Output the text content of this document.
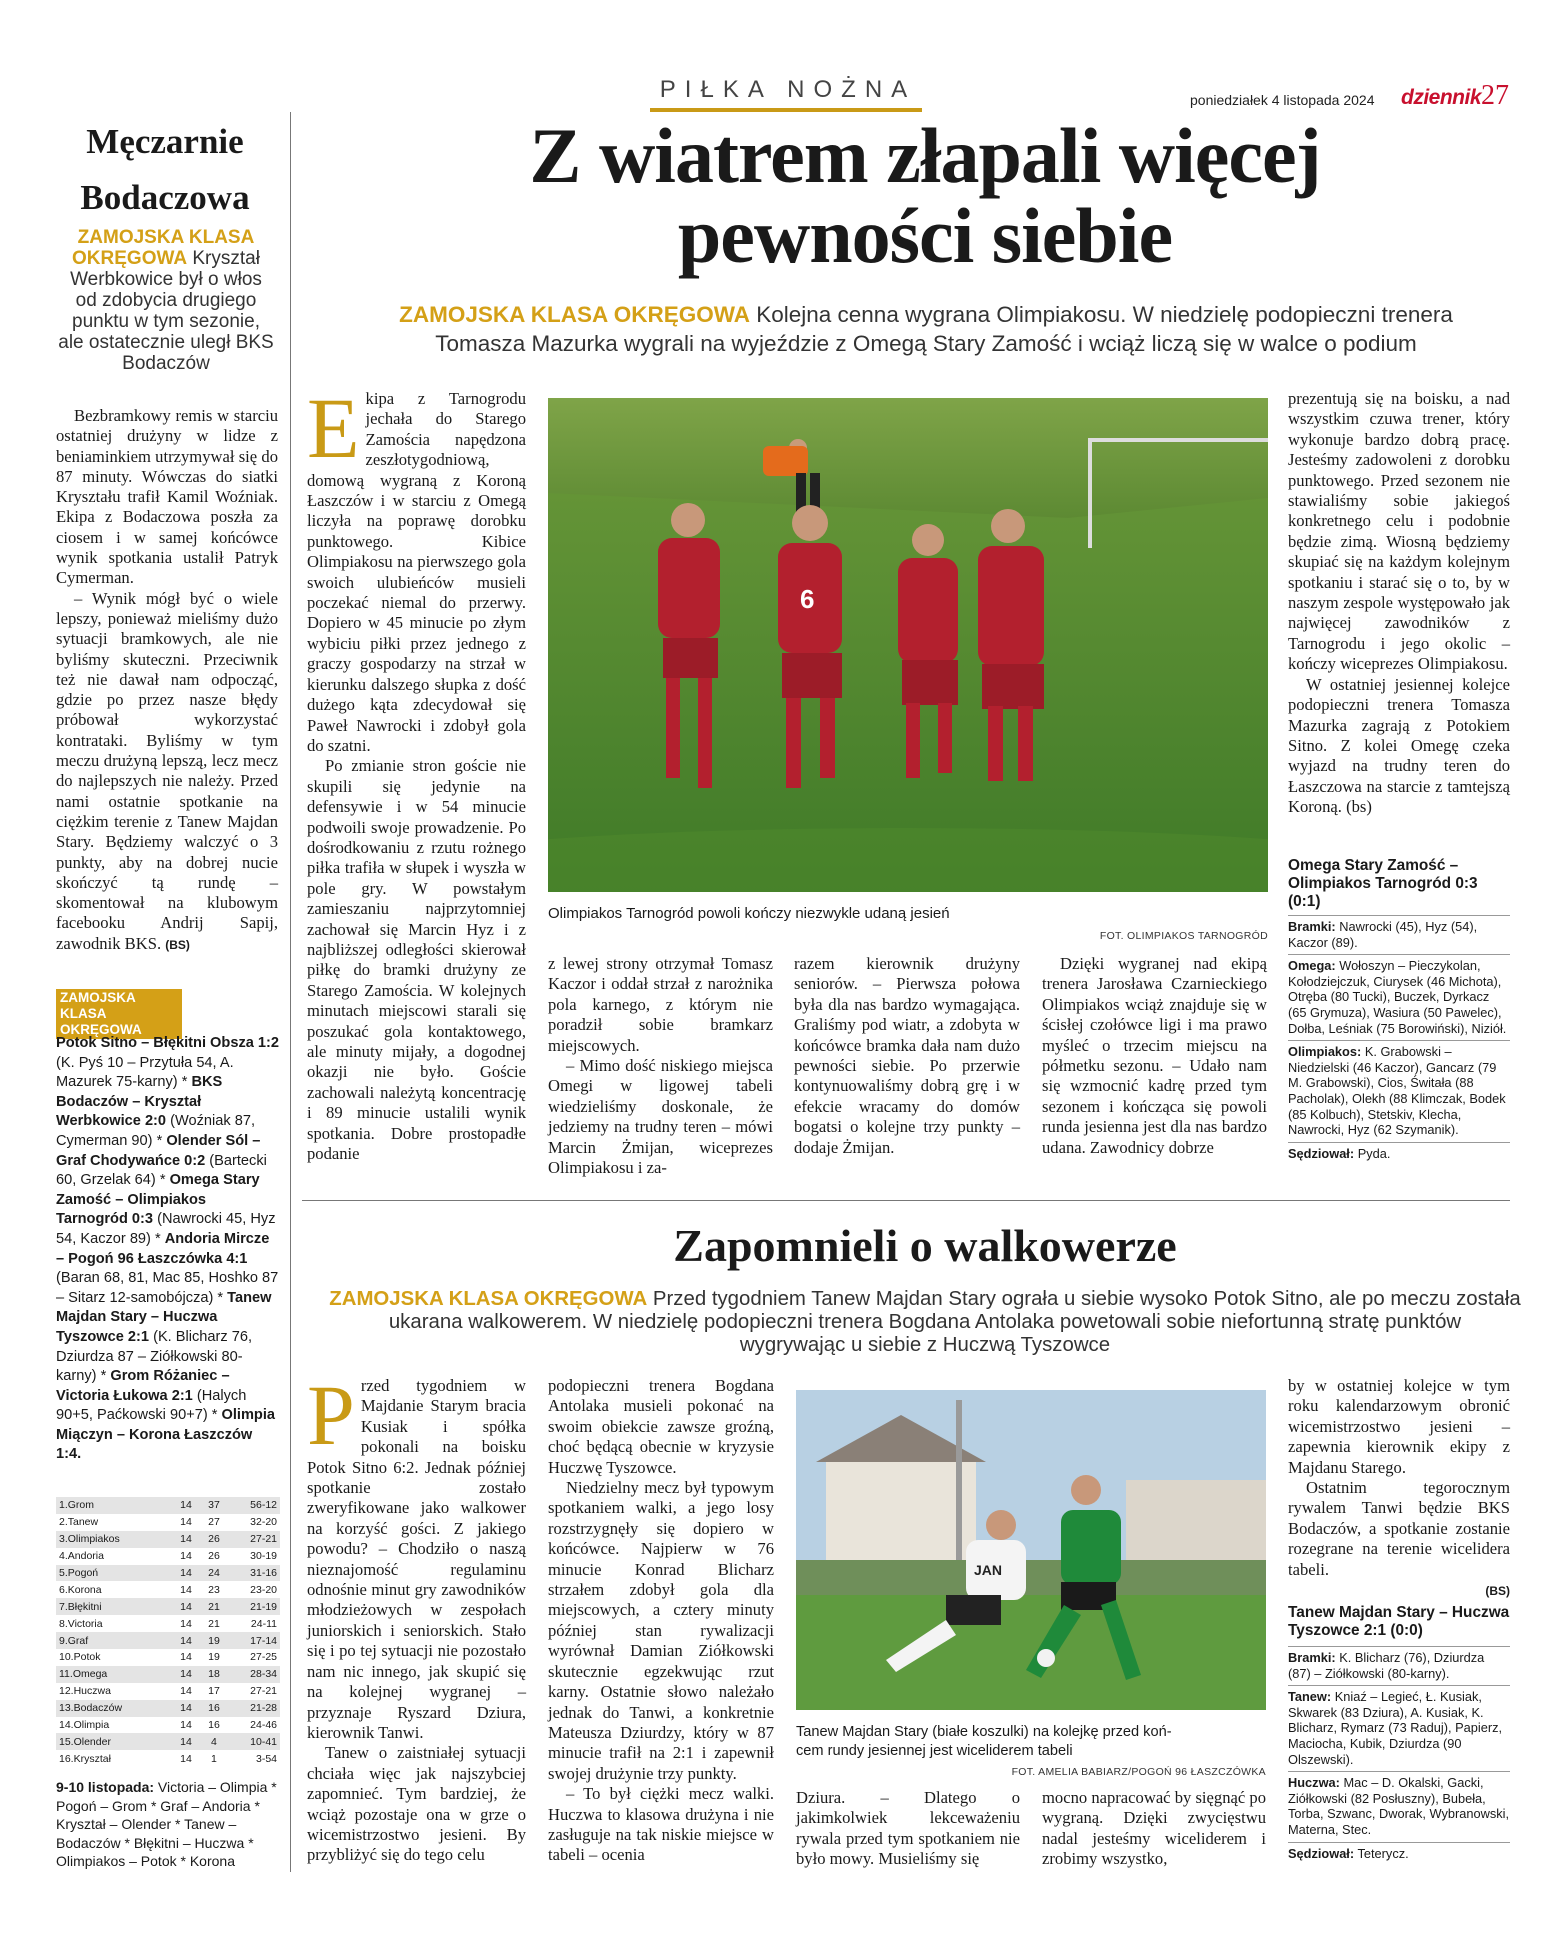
PIŁKA NOŻNA	poniedziałek 4 listopada 2024 dziennik 27
Męczarnie
Bodaczowa
ZAMOJSKA KLASA OKRĘGOWA Kryształ Werbkowice był o włos od zdobycia drugiego punktu w tym sezonie, ale ostatecznie uległ BKS Bodaczów

Bezbramkowy remis w starciu ostatniej drużyny w lidze z beniaminkiem utrzymywał się do 87 minuty. Wówczas do siatki Kryształu trafił Kamil Woźniak. Ekipa z Bodaczowa poszła za ciosem i w samej końcówce wynik spotkania ustalił Patryk Cymerman.

– Wynik mógł być o wiele lepszy, ponieważ mieliśmy dużo sytuacji bramkowych, ale nie byliśmy skuteczni. Przeciwnik też nie dawał nam odpocząć, gdzie po przez nasze błędy próbował wykorzystać kontrataki. Byliśmy w tym meczu drużyną lepszą, lecz mecz do najlepszych nie należy. Przed nami ostatnie spotkanie na ciężkim terenie z Tanew Majdan Stary. Będziemy walczyć o 3 punkty, aby na dobrej nucie skończyć tą rundę – skomentował na klubowym facebooku Andrij Sapij, zawodnik BKS. (BS)

ZAMOJSKA KLASA OKRĘGOWA
Potok Sitno – Błękitni Obsza 1:2 (K. Pyś 10 – Przytuła 54, A. Mazurek 75-karny) * BKS Bodaczów – Kryształ Werbkowice 2:0 (Woźniak 87, Cymerman 90) * Olender Sól – Graf Chodywańce 0:2 (Bartecki 60, Grzelak 64) * Omega Stary Zamość – Olimpiakos Tarnogród 0:3 (Nawrocki 45, Hyz 54, Kaczor 89) * Andoria Mircze – Pogoń 96 Łaszczówka 4:1 (Baran 68, 81, Mac 85, Hoshko 87 – Sitarz 12-samobójcza) * Tanew Majdan Stary – Huczwa Tyszowce 2:1 (K. Blicharz 76, Dziurdza 87 – Ziółkowski 80-karny) * Grom Różaniec – Victoria Łukowa 2:1 (Halych 90+5, Paćkowski 90+7) * Olimpia Miączyn – Korona Łaszczów 1:4.
1.Grom	14	37	56-12
2.Tanew	14	27	32-20
3.Olimpiakos	14	26	27-21
4.Andoria	14	26	30-19
5.Pogoń	14	24	31-16
6.Korona	14	23	23-20
7.Błękitni	14	21	21-19
8.Victoria	14	21	24-11
9.Graf	14	19	17-14
10.Potok	14	19	27-25
11.Omega	14	18	28-34
12.Huczwa	14	17	27-21
13.Bodaczów	14	16	21-28
14.Olimpia	14	16	24-46
15.Olender	14	4	10-41
16.Kryształ	14	1	3-54
9-10 listopada: Victoria – Olimpia * Pogoń – Grom * Graf – Andoria * Kryształ – Olender * Tanew – Bodaczów * Błękitni – Huczwa * Olimpiakos – Potok * Korona
Z wiatrem złapali więcej
pewności siebie
ZAMOJSKA KLASA OKRĘGOWA Kolejna cenna wygrana Olimpiakosu. W niedzielę podopieczni trenera
Tomasza Mazurka wygrali na wyjeździe z Omegą Stary Zamość i wciąż liczą się w walce o podium

Ekipa z Tarnogrodu jechała do Starego Zamościa napędzona zeszłotygodniową, domową wygraną z Koroną Łaszczów i w starciu z Omegą liczyła na poprawę dorobku punktowego. Kibice Olimpiakosu na pierwszego gola swoich ulubieńców musieli poczekać niemal do przerwy. Dopiero w 45 minucie po złym wybiciu piłki przez jednego z graczy gospodarzy na strzał w kierunku dalszego słupka z dość dużego kąta zdecydował się Paweł Nawrocki i zdobył gola do szatni.

Po zmianie stron goście nie skupili się jedynie na defensywie i w 54 minucie podwoili swoje prowadzenie. Po dośrodkowaniu z rzutu rożnego piłka trafiła w słupek i wyszła w pole gry. W powstałym zamieszaniu najprzytomniej zachował się Marcin Hyz i z najbliższej odległości skierował piłkę do bramki drużyny ze Starego Zamościa. W kolejnych minutach miejscowi starali się poszukać gola kontaktowego, ale minuty mijały, a dogodnej okazji nie było. Goście zachowali należytą koncentrację i 89 minucie ustalili wynik spotkania. Dobre prostopadłe podanie

6
Olimpiakos Tarnogród powoli kończy niezwykle udaną jesień
FOT. OLIMPIAKOS TARNOGRÓD

z lewej strony otrzymał Tomasz Kaczor i oddał strzał z narożnika pola karnego, z którym nie poradził sobie bramkarz miejscowych.

– Mimo dość niskiego miejsca Omegi w ligowej tabeli wiedzieliśmy doskonale, że jedziemy na trudny teren – mówi Marcin Żmijan, wiceprezes Olimpiakosu i za-

razem kierownik drużyny seniorów. – Pierwsza połowa była dla nas bardzo wymagająca. Graliśmy pod wiatr, a zdobyta w końcówce bramka dała nam dużo pewności siebie. Po przerwie kontynuowaliśmy dobrą grę i w efekcie wracamy do domów bogatsi o kolejne trzy punkty – dodaje Żmijan.

Dzięki wygranej nad ekipą trenera Jarosława Czarnieckiego Olimpiakos wciąż znajduje się w ścisłej czołówce ligi i ma prawo myśleć o trzecim miejscu na półmetku sezonu. – Udało nam się wzmocnić kadrę przed tym sezonem i kończąca się powoli runda jesienna jest dla nas bardzo udana. Zawodnicy dobrze

prezentują się na boisku, a nad wszystkim czuwa trener, który wykonuje bardzo dobrą pracę. Jesteśmy zadowoleni z dorobku punktowego. Przed sezonem nie stawialiśmy sobie jakiegoś konkretnego celu i podobnie będzie zimą. Wiosną będziemy skupiać się na każdym kolejnym spotkaniu i starać się o to, by w naszym zespole występowało jak najwięcej zawodników z Tarnogrodu i jego okolic – kończy wiceprezes Olimpiakosu.

W ostatniej jesiennej kolejce podopieczni trenera Tomasza Mazurka zagrają z Potokiem Sitno. Z kolei Omegę czeka wyjazd na trudny teren do Łaszczowa na starcie z tamtejszą Koroną. (bs)

Omega Stary Zamość – Olimpiakos Tarnogród 0:3 (0:1)
Bramki: Nawrocki (45), Hyz (54), Kaczor (89).
Omega: Wołoszyn – Pieczykolan, Kołodziejczuk, Ciurysek (46 Michota), Otręba (80 Tucki), Buczek, Dyrkacz (65 Grymuza), Wasiura (50 Pawelec), Dołba, Leśniak (75 Borowiński), Niziół.
Olimpiakos: K. Grabowski – Niedzielski (46 Kaczor), Gancarz (79 M. Grabowski), Cios, Świtała (88 Pacholak), Olekh (88 Klimczak, Bodek (85 Kolbuch), Stetskiv, Klecha, Nawrocki, Hyz (62 Szymanik).
Sędziował: Pyda.
Zapomnieli o walkowerze
ZAMOJSKA KLASA OKRĘGOWA Przed tygodniem Tanew Majdan Stary ograła u siebie wysoko Potok Sitno, ale po meczu została
ukarana walkowerem. W niedzielę podopieczni trenera Bogdana Antolaka powetowali sobie niefortunną stratę punktów
wygrywając u siebie z Huczwą Tyszowce

Przed tygodniem w Majdanie Starym bracia Kusiak i spółka pokonali na boisku Potok Sitno 6:2. Jednak później spotkanie zostało zweryfikowane jako walkower na korzyść gości. Z jakiego powodu? – Chodziło o naszą nieznajomość regulaminu odnośnie minut gry zawodników młodzieżowych w zespołach juniorskich i seniorskich. Stało się i po tej sytuacji nie pozostało nam nic innego, jak skupić się na kolejnej wygranej – przyznaje Ryszard Dziura, kierownik Tanwi.

Tanew o zaistniałej sytuacji chciała więc jak najszybciej zapomnieć. Tym bardziej, że wciąż pozostaje ona w grze o wicemistrzostwo jesieni. By przybliżyć się do tego celu

podopieczni trenera Bogdana Antolaka musieli pokonać na swoim obiekcie zawsze groźną, choć będącą obecnie w kryzysie Huczwę Tyszowce.

Niedzielny mecz był typowym spotkaniem walki, a jego losy rozstrzygnęły się dopiero w końcówce. Najpierw w 76 minucie Konrad Blicharz strzałem zdobył gola dla miejscowych, a cztery minuty później stan rywalizacji wyrównał Damian Ziółkowski skutecznie egzekwując rzut karny. Ostatnie słowo należało jednak do Tanwi, a konkretnie Mateusza Dziurdzy, który w 87 minucie trafił na 2:1 i zapewnił swojej drużynie trzy punkty.

– To był ciężki mecz walki. Huczwa to klasowa drużyna i nie zasługuje na tak niskie miejsce w tabeli – ocenia

JAN
Tanew Majdan Stary (białe koszulki) na kolejkę przed koń-
cem rundy jesiennej jest wiceliderem tabeli
FOT. AMELIA BABIARZ/POGOŃ 96 ŁASZCZÓWKA

Dziura. – Dlatego o jakimkolwiek lekceważeniu rywala przed tym spotkaniem nie było mowy. Musieliśmy się

mocno napracować by sięgnąć po wygraną. Dzięki zwycięstwu nadal jesteśmy wiceliderem i zrobimy wszystko,

by w ostatniej kolejce w tym roku kalendarzowym obronić wicemistrzostwo jesieni – zapewnia kierownik ekipy z Majdanu Starego.

Ostatnim tegorocznym rywalem Tanwi będzie BKS Bodaczów, a spotkanie zostanie rozegrane na terenie wicelidera tabeli.

(BS)

Tanew Majdan Stary – Huczwa Tyszowce 2:1 (0:0)
Bramki: K. Blicharz (76), Dziurdza (87) – Ziółkowski (80-karny).
Tanew: Kniaź – Legieć, Ł. Kusiak, Skwarek (83 Dziura), A. Kusiak, K. Blicharz, Rymarz (73 Raduj), Papierz, Maciocha, Kubik, Dziurdza (90 Olszewski).
Huczwa: Mac – D. Okalski, Gacki, Ziółkowski (82 Posłuszny), Bubeła, Torba, Szwanc, Dworak, Wybranowski, Materna, Stec.
Sędziował: Teterycz.
